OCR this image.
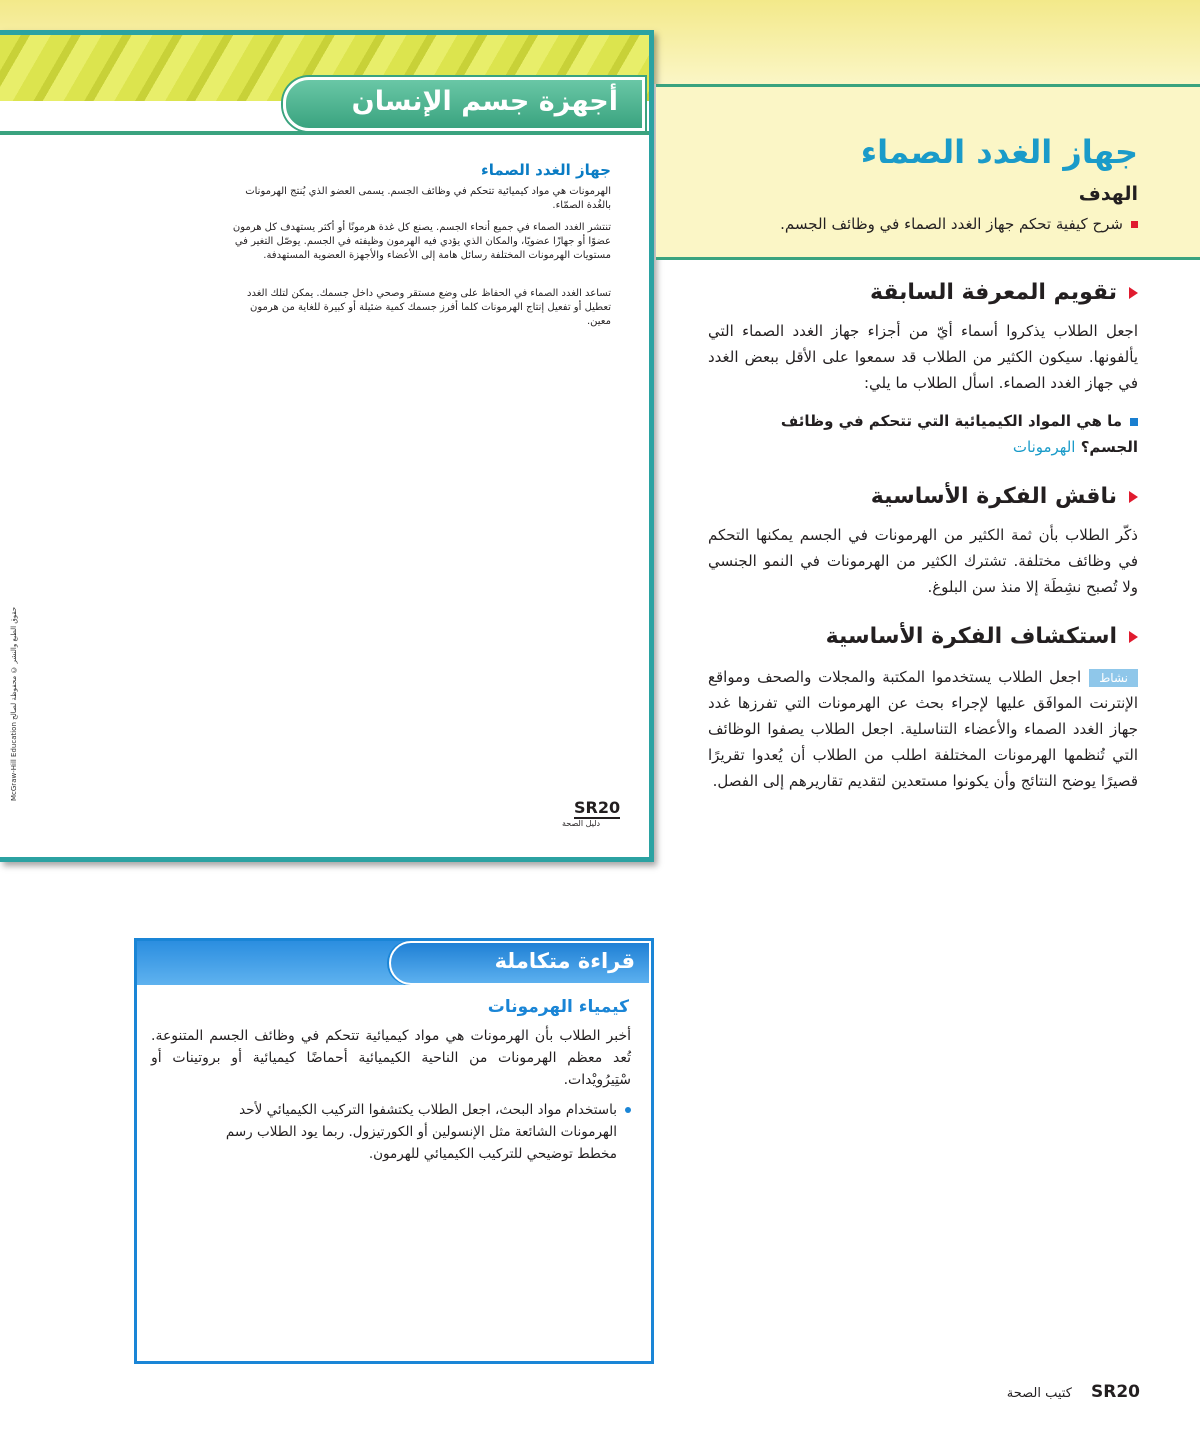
أجهزة جسم الإنسان
جهاز الغدد الصماء
الهرمونات هي مواد كيميائية تتحكم في وظائف الجسم. يسمى العضو الذي يُنتج الهرمونات بالغُدة الصمّاء.
تنتشر الغدد الصماء في جميع أنحاء الجسم. يصنع كل غدة هرمونًا أو أكثر يستهدف كل هرمون عضوًا أو جهازًا عضويًا، والمكان الذي يؤدي فيه الهرمون وظيفته في الجسم. يوصّل التغير في مستويات الهرمونات المختلفة رسائل هامة إلى الأعضاء والأجهزة العضوية المستهدفة.
تساعد الغدد الصماء في الحفاظ على وضع مستقر وصحي داخل جسمك. يمكن لتلك الغدد تعطيل أو تفعيل إنتاج الهرمونات كلما أفرز جسمك كمية ضئيلة أو كبيرة للغاية من هرمون معين.
McGraw-Hill Education حقوق الطبع والنشر © محفوظة لصالح
SR20
دليل الصحة
جهاز الغدد الصماء
الهدف
شرح كيفية تحكم جهاز الغدد الصماء في وظائف الجسم.
تقويم المعرفة السابقة
اجعل الطلاب يذكروا أسماء أيّ من أجزاء جهاز الغدد الصماء التي يألفونها. سيكون الكثير من الطلاب قد سمعوا على الأقل ببعض الغدد في جهاز الغدد الصماء. اسأل الطلاب ما يلي:
ما هي المواد الكيميائية التي تتحكم في وظائف الجسم؟ الهرمونات
ناقش الفكرة الأساسية
ذكّر الطلاب بأن ثمة الكثير من الهرمونات في الجسم يمكنها التحكم في وظائف مختلفة. تشترك الكثير من الهرمونات في النمو الجنسي ولا تُصبح نشِطَة إلا منذ سن البلوغ.
استكشاف الفكرة الأساسية
نشاطاجعل الطلاب يستخدموا المكتبة والمجلات والصحف ومواقع الإنترنت الموافَق عليها لإجراء بحث عن الهرمونات التي تفرزها غدد جهاز الغدد الصماء والأعضاء التناسلية. اجعل الطلاب يصفوا الوظائف التي تُنظمها الهرمونات المختلفة اطلب من الطلاب أن يُعدوا تقريرًا قصيرًا يوضح النتائج وأن يكونوا مستعدين لتقديم تقاريرهم إلى الفصل.
قراءة متكاملة
كيمياء الهرمونات
أخبر الطلاب بأن الهرمونات هي مواد كيميائية تتحكم في وظائف الجسم المتنوعة. تُعد معظم الهرمونات من الناحية الكيميائية أحماضًا كيميائية أو بروتينات أو سْتِيرُويْدات.
باستخدام مواد البحث، اجعل الطلاب يكتشفوا التركيب الكيميائي لأحد الهرمونات الشائعة مثل الإنسولين أو الكورتيزول. ربما يود الطلاب رسم مخطط توضيحي للتركيب الكيميائي للهرمون.
SR20 كتيب الصحة
